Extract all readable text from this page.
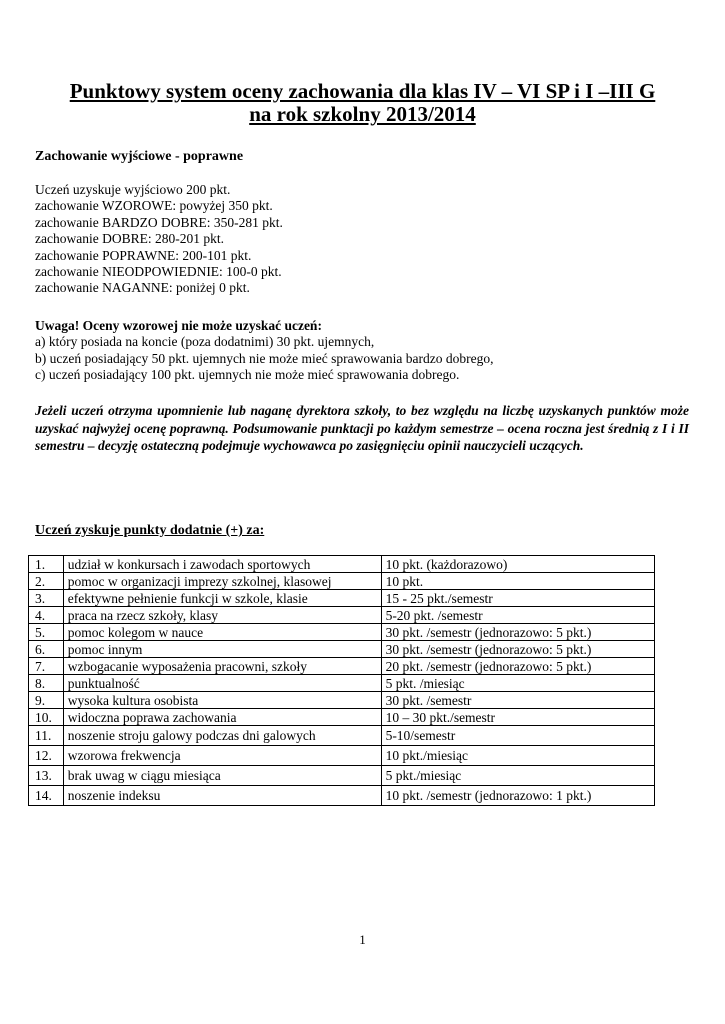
Punktowy system oceny zachowania dla klas IV – VI SP i I –III G
na rok szkolny 2013/2014
Zachowanie wyjściowe - poprawne
Uczeń uzyskuje wyjściowo 200 pkt.
zachowanie WZOROWE: powyżej 350 pkt.
zachowanie BARDZO DOBRE: 350-281 pkt.
zachowanie DOBRE: 280-201 pkt.
zachowanie POPRAWNE: 200-101 pkt.
zachowanie NIEODPOWIEDNIE: 100-0 pkt.
zachowanie NAGANNE: poniżej 0 pkt.
Uwaga! Oceny wzorowej nie może uzyskać uczeń:
a) który posiada na koncie (poza dodatnimi) 30 pkt. ujemnych,
b) uczeń posiadający 50 pkt. ujemnych nie może mieć sprawowania bardzo dobrego,
c) uczeń posiadający 100 pkt. ujemnych nie może mieć sprawowania dobrego.
Jeżeli uczeń otrzyma upomnienie lub naganę dyrektora szkoły, to bez względu na liczbę uzyskanych punktów może uzyskać najwyżej ocenę poprawną. Podsumowanie punktacji po każdym semestrze – ocena roczna jest średnią z I i II semestru – decyzję ostateczną podejmuje wychowawca po zasięgnięciu opinii nauczycieli uczących.
Uczeń zyskuje punkty dodatnie (+) za:
1.	udział w konkursach i zawodach sportowych	10 pkt. (każdorazowo)
2.	pomoc w organizacji imprezy szkolnej, klasowej	10 pkt.
3.	efektywne pełnienie funkcji w szkole, klasie	15 - 25 pkt./semestr
4.	praca na rzecz szkoły, klasy	5-20 pkt. /semestr
5.	pomoc kolegom w nauce	30 pkt. /semestr (jednorazowo: 5 pkt.)
6.	pomoc innym	30 pkt. /semestr (jednorazowo: 5 pkt.)
7.	wzbogacanie wyposażenia pracowni, szkoły	20 pkt. /semestr (jednorazowo: 5 pkt.)
8.	punktualność	5 pkt. /miesiąc
9.	wysoka kultura osobista	30 pkt. /semestr
10.	widoczna poprawa zachowania	10 – 30 pkt./semestr
11.	noszenie stroju galowy podczas dni galowych	5-10/semestr
12.	wzorowa frekwencja	10 pkt./miesiąc
13.	brak uwag w ciągu miesiąca	5 pkt./miesiąc
14.	noszenie indeksu	10 pkt. /semestr (jednorazowo: 1 pkt.)
1
